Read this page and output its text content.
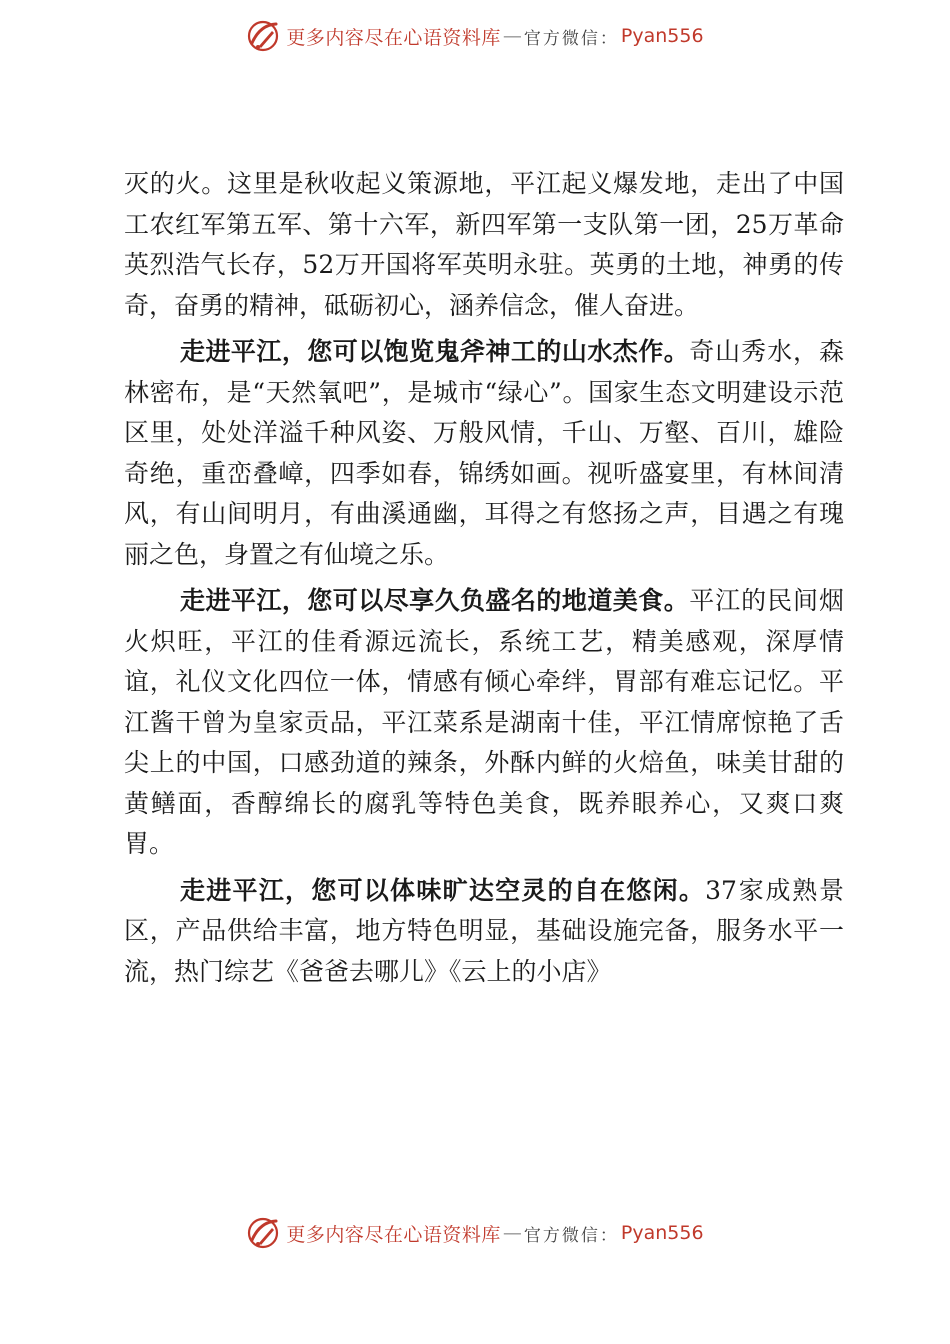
更多内容尽在心语资料库 — 官方微信： Pyan556

灭的火。这里是秋收起义策源地，平江起义爆发地，走出了中国工农红军第五军、第十六军，新四军第一支队第一团，25万革命英烈浩气长存，52万开国将军英明永驻。英勇的土地，神勇的传奇，奋勇的精神，砥砺初心，涵养信念，催人奋进。

走进平江，您可以饱览鬼斧神工的山水杰作。奇山秀水，森林密布，是“天然氧吧”，是城市“绿心”。国家生态文明建设示范区里，处处洋溢千种风姿、万般风情，千山、万壑、百川，雄险奇绝，重峦叠嶂，四季如春，锦绣如画。视听盛宴里，有林间清风，有山间明月，有曲溪通幽，耳得之有悠扬之声，目遇之有瑰丽之色，身置之有仙境之乐。

走进平江，您可以尽享久负盛名的地道美食。平江的民间烟火炽旺，平江的佳肴源远流长，系统工艺，精美感观，深厚情谊，礼仪文化四位一体，情感有倾心牵绊，胃部有难忘记忆。平江酱干曾为皇家贡品，平江菜系是湖南十佳，平江情席惊艳了舌尖上的中国，口感劲道的辣条，外酥内鲜的火焙鱼，味美甘甜的黄鳝面，香醇绵长的腐乳等特色美食，既养眼养心，又爽口爽胃。

走进平江，您可以体味旷达空灵的自在悠闲。37家成熟景区，产品供给丰富，地方特色明显，基础设施完备，服务水平一流，热门综艺《爸爸去哪儿》《云上的小店》

更多内容尽在心语资料库 — 官方微信： Pyan556
